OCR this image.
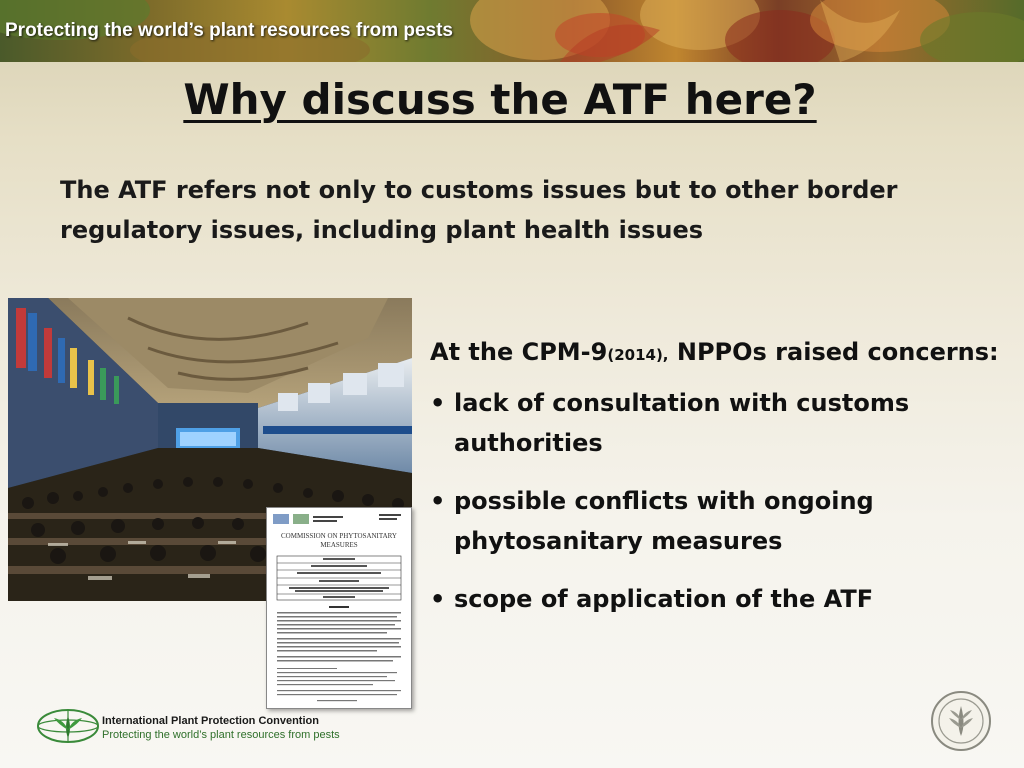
Protecting the world’s plant resources from pests
Why discuss the ATF here?
The ATF refers not only to customs issues but to other border regulatory issues, including plant health issues
COMMISSION ON PHYTOSANITARY
MEASURES
At the CPM-9(2014), NPPOs raised concerns:
• lack of consultation with customs authorities
• possible conflicts with ongoing phytosanitary measures
• scope of application of the ATF
International Plant Protection Convention
Protecting the world’s plant resources from pests
